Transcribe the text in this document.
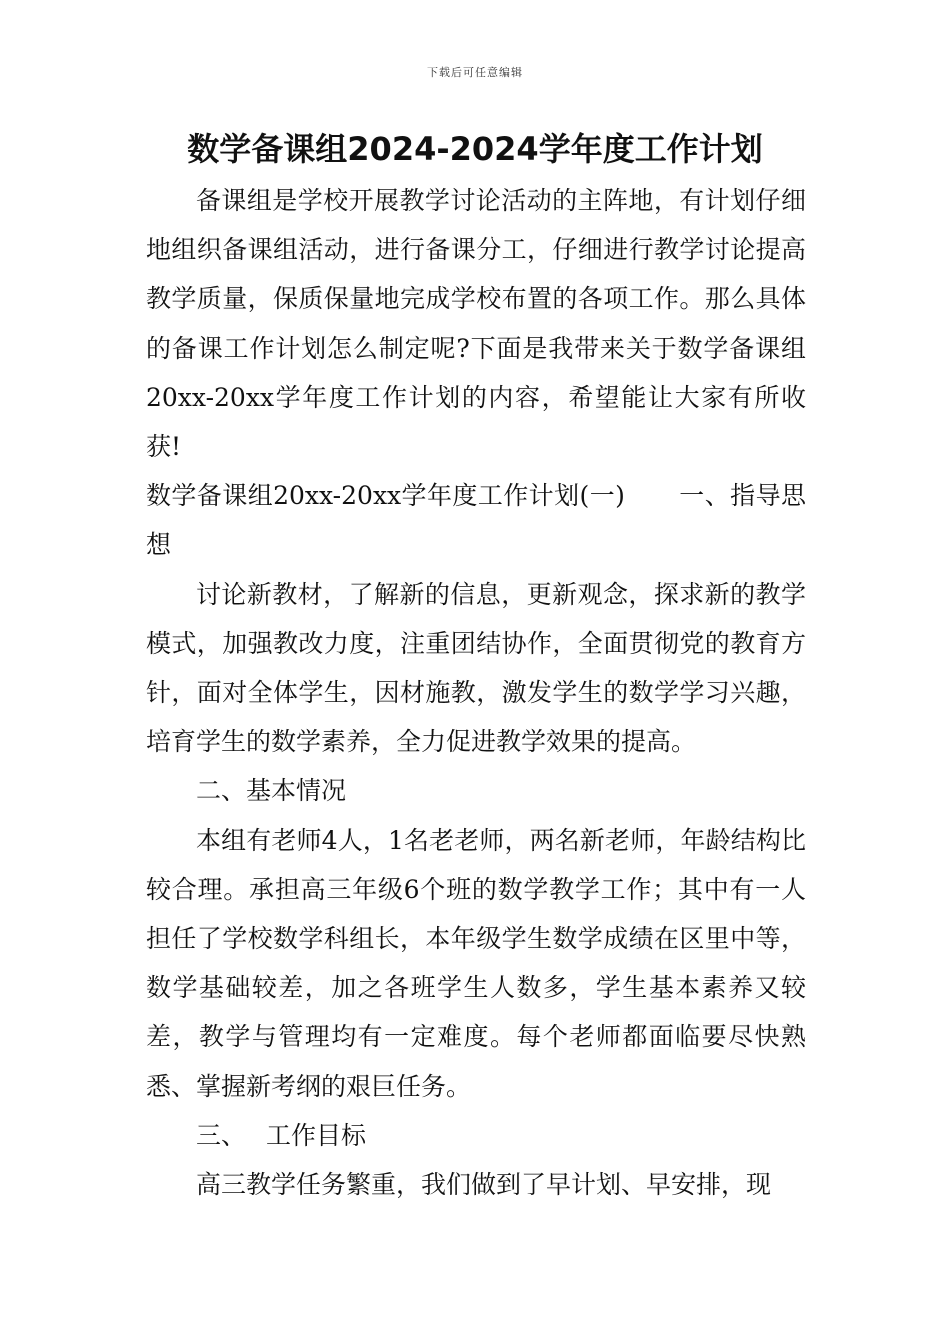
下载后可任意编辑
数学备课组2024-2024学年度工作计划

备课组是学校开展教学讨论活动的主阵地，有计划仔细地组织备课组活动，进行备课分工，仔细进行教学讨论提高教学质量，保质保量地完成学校布置的各项工作。那么具体的备课工作计划怎么制定呢?下面是我带来关于数学备课组20xx-20xx学年度工作计划的内容，希望能让大家有所收获!

数学备课组20xx-20xx学年度工作计划(一) 一、指导思想

讨论新教材，了解新的信息，更新观念，探求新的教学模式，加强教改力度，注重团结协作，全面贯彻党的教育方针，面对全体学生，因材施教，激发学生的数学学习兴趣，培育学生的数学素养，全力促进教学效果的提高。

二、基本情况

本组有老师4人，1名老老师，两名新老师，年龄结构比较合理。承担高三年级6个班的数学教学工作；其中有一人担任了学校数学科组长，本年级学生数学成绩在区里中等，数学基础较差，加之各班学生人数多，学生基本素养又较差，教学与管理均有一定难度。每个老师都面临要尽快熟悉、掌握新考纲的艰巨任务。

三、 工作目标

高三教学任务繁重，我们做到了早计划、早安排，现
